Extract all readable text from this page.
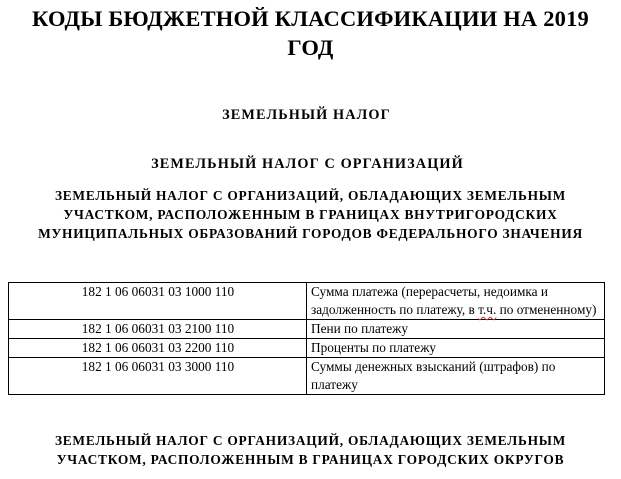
КОДЫ БЮДЖЕТНОЙ КЛАССИФИКАЦИИ НА 2019 ГОД
ЗЕМЕЛЬНЫЙ НАЛОГ
ЗЕМЕЛЬНЫЙ НАЛОГ С ОРГАНИЗАЦИЙ
ЗЕМЕЛЬНЫЙ НАЛОГ С ОРГАНИЗАЦИЙ, ОБЛАДАЮЩИХ ЗЕМЕЛЬНЫМ
УЧАСТКОМ, РАСПОЛОЖЕННЫМ В ГРАНИЦАХ ВНУТРИГОРОДСКИХ
МУНИЦИПАЛЬНЫХ ОБРАЗОВАНИЙ ГОРОДОВ ФЕДЕРАЛЬНОГО ЗНАЧЕНИЯ
182 1 06 06031 03 1000 110	Сумма платежа (перерасчеты, недоимка и задолженность по платежу, в т.ч. по отмененному)
182 1 06 06031 03 2100 110	Пени по платежу
182 1 06 06031 03 2200 110	Проценты по платежу
182 1 06 06031 03 3000 110	Суммы денежных взысканий (штрафов) по платежу
ЗЕМЕЛЬНЫЙ НАЛОГ С ОРГАНИЗАЦИЙ, ОБЛАДАЮЩИХ ЗЕМЕЛЬНЫМ
УЧАСТКОМ, РАСПОЛОЖЕННЫМ В ГРАНИЦАХ ГОРОДСКИХ ОКРУГОВ
